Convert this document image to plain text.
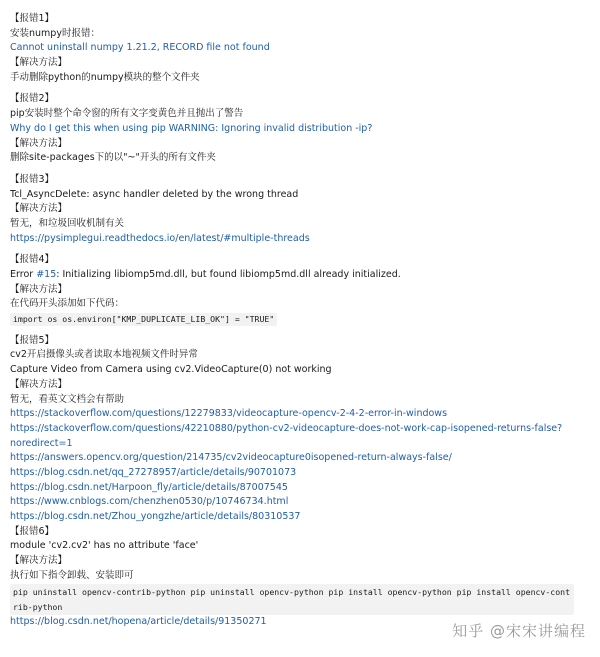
【报错1】
安装numpy时报错：
Cannot uninstall numpy 1.21.2, RECORD file not found
【解决方法】
手动删除python的numpy模块的整个文件夹
【报错2】
pip安装时整个命令窗的所有文字变黄色并且抛出了警告
Why do I get this when using pip WARNING: Ignoring invalid distribution -ip?
【解决方法】
删除site-packages下的以"~"开头的所有文件夹
【报错3】
Tcl_AsyncDelete: async handler deleted by the wrong thread
【解决方法】
暂无，和垃圾回收机制有关
https://pysimplegui.readthedocs.io/en/latest/#multiple-threads
【报错4】
Error #15: Initializing libiomp5md.dll, but found libiomp5md.dll already initialized.
【解决方法】
在代码开头添加如下代码：
import os os.environ["KMP_DUPLICATE_LIB_OK"] = "TRUE"
【报错5】
cv2开启摄像头或者读取本地视频文件时异常
Capture Video from Camera using cv2.VideoCapture(0) not working
【解决方法】
暂无，看英文文档会有帮助
https://stackoverflow.com/questions/12279833/videocapture-opencv-2-4-2-error-in-windows
https://stackoverflow.com/questions/42210880/python-cv2-videocapture-does-not-work-cap-isopened-returns-false?
noredirect=1
https://answers.opencv.org/question/214735/cv2videocapture0isopened-return-always-false/
https://blog.csdn.net/qq_27278957/article/details/90701073
https://blog.csdn.net/Harpoon_fly/article/details/87007545
https://www.cnblogs.com/chenzhen0530/p/10746734.html
https://blog.csdn.net/Zhou_yongzhe/article/details/80310537
【报错6】
module 'cv2.cv2' has no attribute 'face'
【解决方法】
执行如下指令卸载、安装即可
pip uninstall opencv-contrib-python pip uninstall opencv-python pip install opencv-python pip install opencv-contrib-python
https://blog.csdn.net/hopena/article/details/91350271
知乎 @宋宋讲编程
